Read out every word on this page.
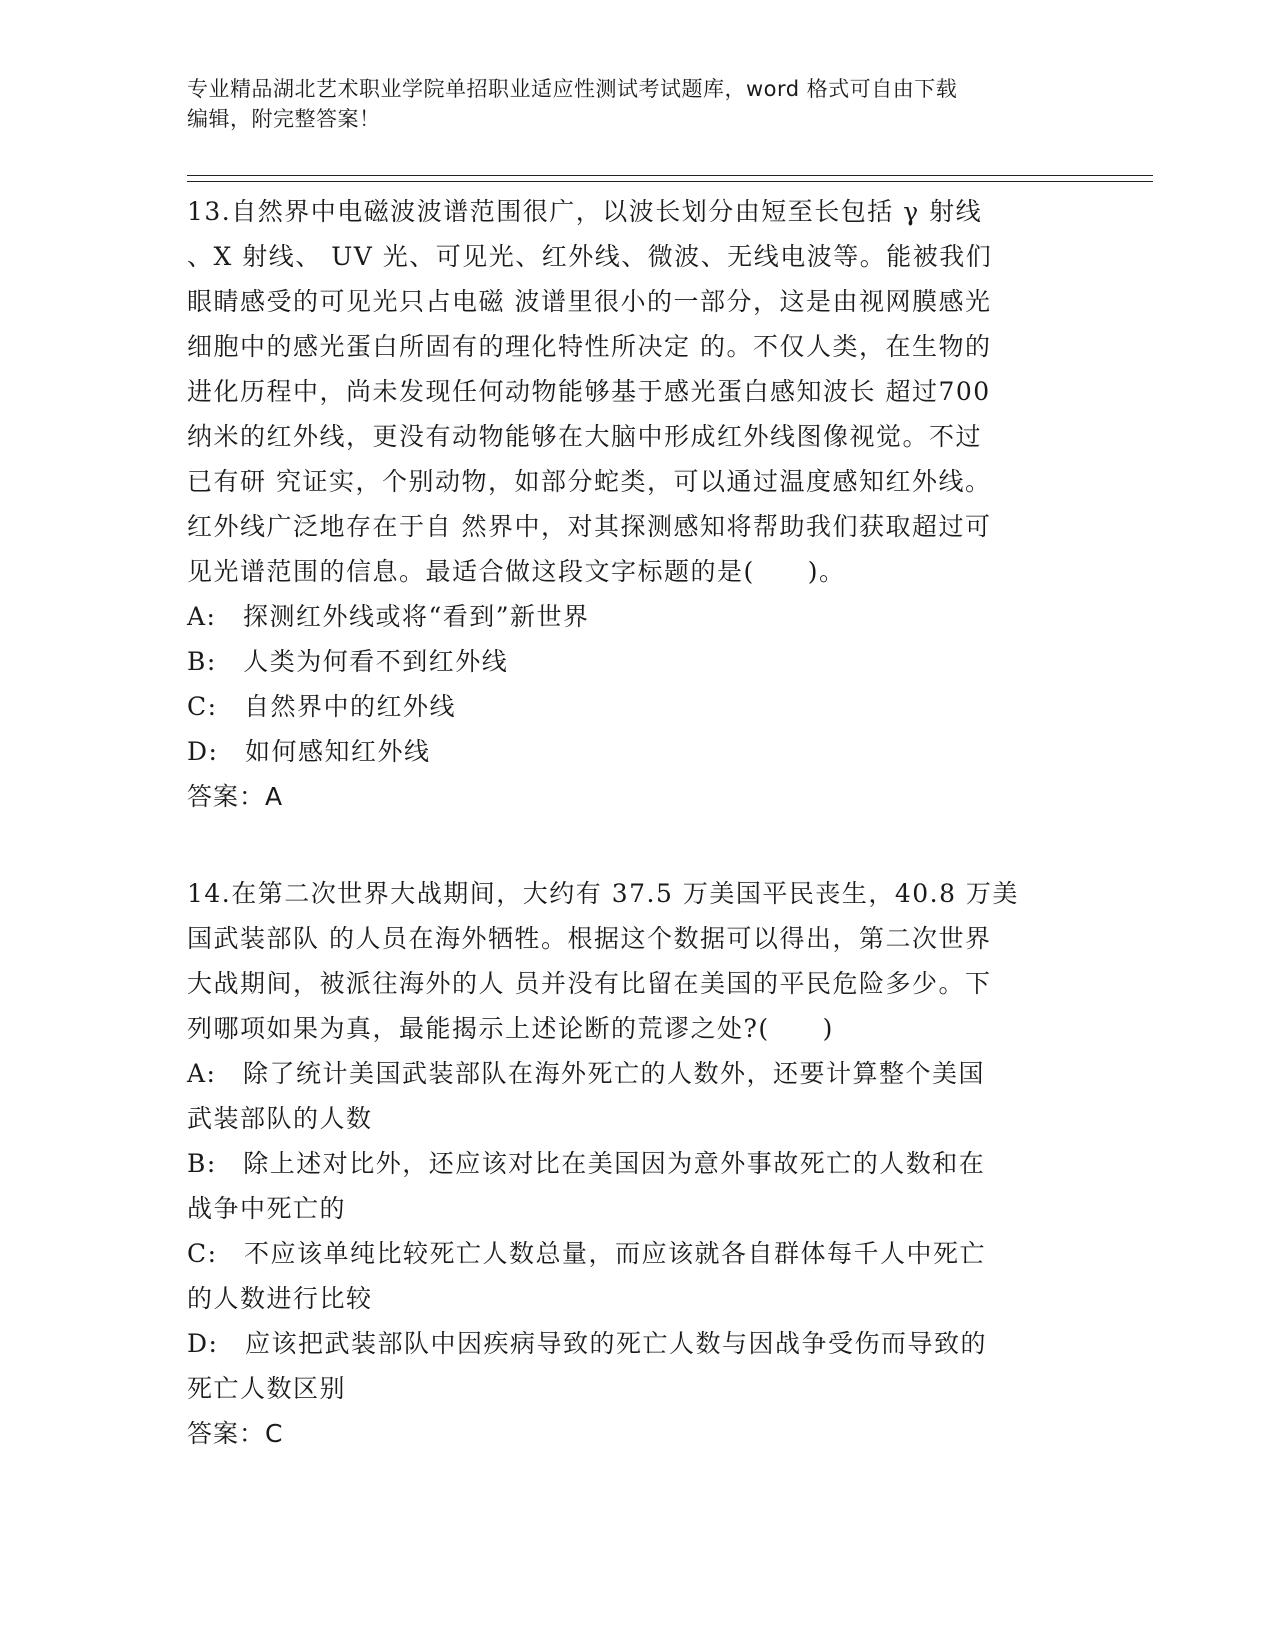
专业精品湖北艺术职业学院单招职业适应性测试考试题库，word 格式可自由下载
编辑，附完整答案！
13.自然界中电磁波波谱范围很广，以波长划分由短至长包括 γ 射线
、X 射线、 UV 光、可见光、红外线、微波、无线电波等。能被我们
眼睛感受的可见光只占电磁 波谱里很小的一部分，这是由视网膜感光
细胞中的感光蛋白所固有的理化特性所决定 的。不仅人类，在生物的
进化历程中，尚未发现任何动物能够基于感光蛋白感知波长 超过700
纳米的红外线，更没有动物能够在大脑中形成红外线图像视觉。不过
已有研 究证实，个别动物，如部分蛇类，可以通过温度感知红外线。
红外线广泛地存在于自 然界中，对其探测感知将帮助我们获取超过可
见光谱范围的信息。最适合做这段文字标题的是(　　)。
A:　探测红外线或将“看到”新世界
B:　人类为何看不到红外线
C:　自然界中的红外线
D:　如何感知红外线
答案：A
14.在第二次世界大战期间，大约有 37.5 万美国平民丧生，40.8 万美
国武装部队 的人员在海外牺牲。根据这个数据可以得出，第二次世界
大战期间，被派往海外的人 员并没有比留在美国的平民危险多少。下
列哪项如果为真，最能揭示上述论断的荒谬之处?(　　)
A:　除了统计美国武装部队在海外死亡的人数外，还要计算整个美国
武装部队的人数
B:　除上述对比外，还应该对比在美国因为意外事故死亡的人数和在
战争中死亡的
C:　不应该单纯比较死亡人数总量，而应该就各自群体每千人中死亡
的人数进行比较
D:　应该把武装部队中因疾病导致的死亡人数与因战争受伤而导致的
死亡人数区别
答案：C
